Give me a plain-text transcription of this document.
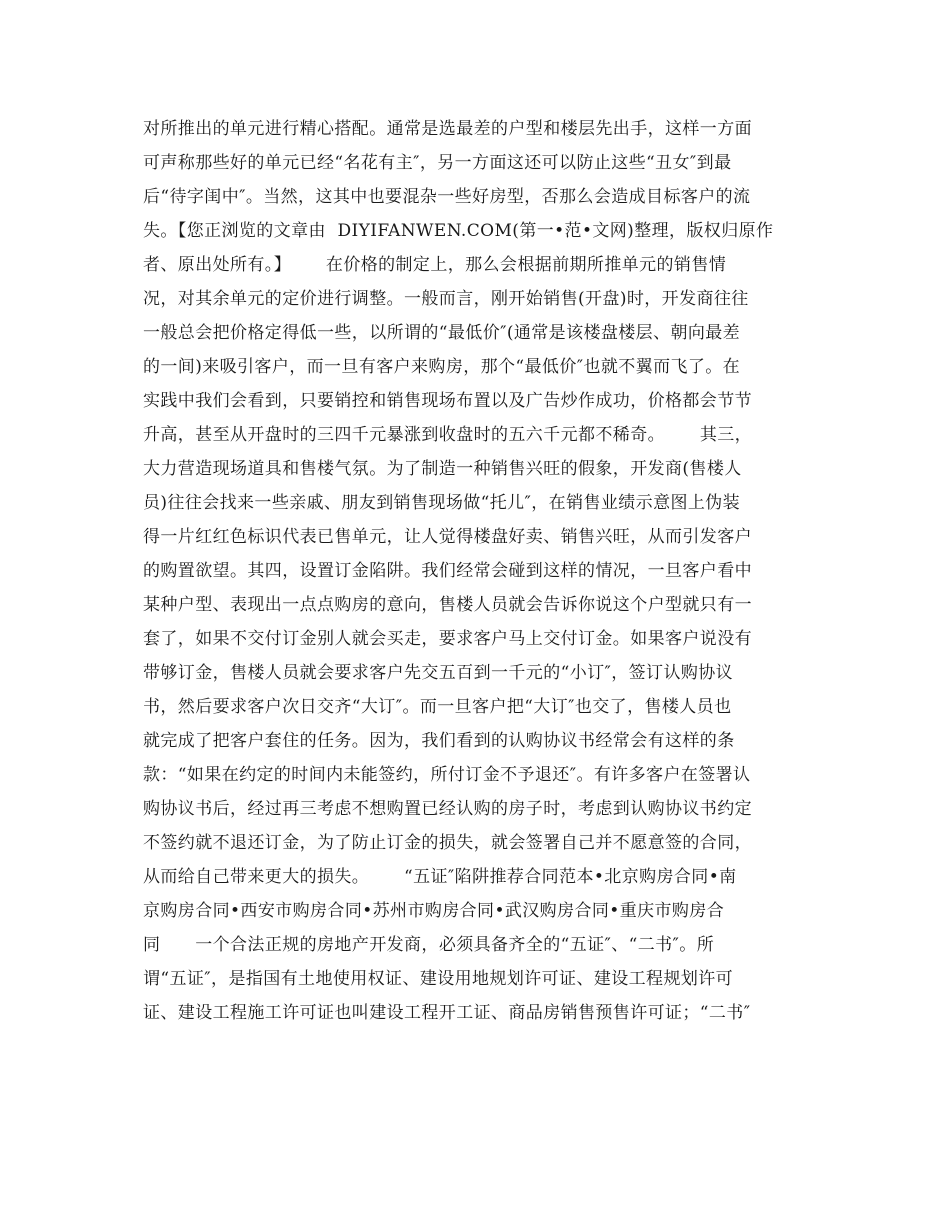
对所推出的单元进行精心搭配。通常是选最差的户型和楼层先出手，这样一方面
可声称那些好的单元已经“名花有主″，另一方面这还可以防止这些“丑女″到最
后“待字闺中″。当然，这其中也要混杂一些好房型，否那么会造成目标客户的流
失。【您正浏览的文章由  DIYIFANWEN.COM(第一•范•文网)整理，版权归原作
者、原出处所有。】      在价格的制定上，那么会根据前期所推单元的销售情
况，对其余单元的定价进行调整。一般而言，刚开始销售(开盘)时，开发商往往
一般总会把价格定得低一些，以所谓的“最低价″(通常是该楼盘楼层、朝向最差
的一间)来吸引客户，而一旦有客户来购房，那个“最低价″也就不翼而飞了。在
实践中我们会看到，只要销控和销售现场布置以及广告炒作成功，价格都会节节
升高，甚至从开盘时的三四千元暴涨到收盘时的五六千元都不稀奇。      其三，
大力营造现场道具和售楼气氛。为了制造一种销售兴旺的假象，开发商(售楼人
员)往往会找来一些亲戚、朋友到销售现场做“托儿″，在销售业绩示意图上伪装
得一片红红色标识代表已售单元，让人觉得楼盘好卖、销售兴旺，从而引发客户
的购置欲望。其四，设置订金陷阱。我们经常会碰到这样的情况，一旦客户看中
某种户型、表现出一点点购房的意向，售楼人员就会告诉你说这个户型就只有一
套了，如果不交付订金别人就会买走，要求客户马上交付订金。如果客户说没有
带够订金，售楼人员就会要求客户先交五百到一千元的“小订″，签订认购协议
书，然后要求客户次日交齐“大订″。而一旦客户把“大订″也交了，售楼人员也
就完成了把客户套住的任务。因为，我们看到的认购协议书经常会有这样的条
款：“如果在约定的时间内未能签约，所付订金不予退还″。有许多客户在签署认
购协议书后，经过再三考虑不想购置已经认购的房子时，考虑到认购协议书约定
不签约就不退还订金，为了防止订金的损失，就会签署自己并不愿意签的合同，
从而给自己带来更大的损失。      “五证″陷阱推荐合同范本•北京购房合同•南
京购房合同•西安市购房合同•苏州市购房合同•武汉购房合同•重庆市购房合
同      一个合法正规的房地产开发商，必须具备齐全的“五证″、“二书″。所
谓“五证″，是指国有土地使用权证、建设用地规划许可证、建设工程规划许可
证、建设工程施工许可证也叫建设工程开工证、商品房销售预售许可证；“二书″
